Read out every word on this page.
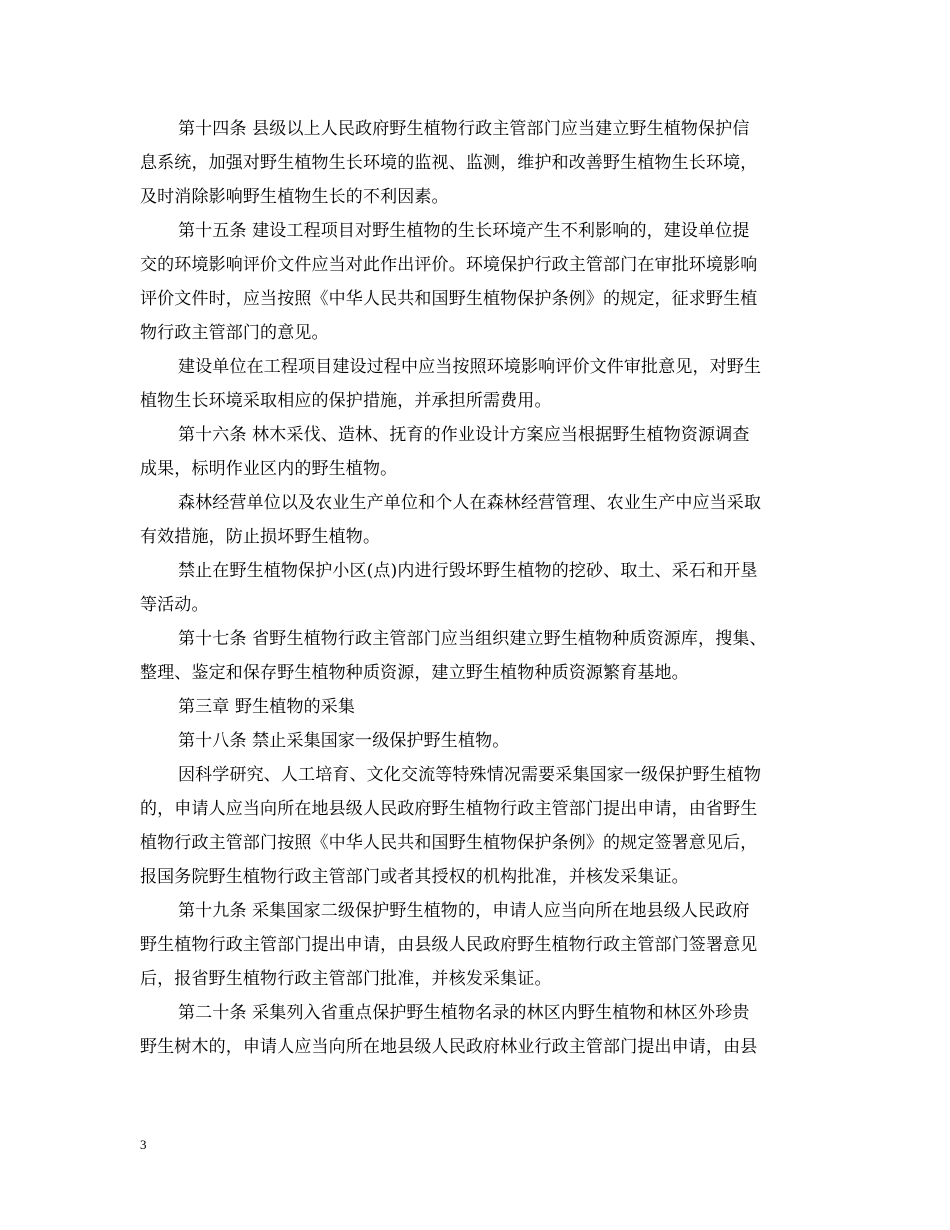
第十四条 县级以上人民政府野生植物行政主管部门应当建立野生植物保护信
息系统，加强对野生植物生长环境的监视、监测，维护和改善野生植物生长环境，
及时消除影响野生植物生长的不利因素。
第十五条 建设工程项目对野生植物的生长环境产生不利影响的，建设单位提
交的环境影响评价文件应当对此作出评价。环境保护行政主管部门在审批环境影响
评价文件时，应当按照《中华人民共和国野生植物保护条例》的规定，征求野生植
物行政主管部门的意见。
建设单位在工程项目建设过程中应当按照环境影响评价文件审批意见，对野生
植物生长环境采取相应的保护措施，并承担所需费用。
第十六条 林木采伐、造林、抚育的作业设计方案应当根据野生植物资源调查
成果，标明作业区内的野生植物。
森林经营单位以及农业生产单位和个人在森林经营管理、农业生产中应当采取
有效措施，防止损坏野生植物。
禁止在野生植物保护小区(点)内进行毁坏野生植物的挖砂、取土、采石和开垦
等活动。
第十七条 省野生植物行政主管部门应当组织建立野生植物种质资源库，搜集、
整理、鉴定和保存野生植物种质资源，建立野生植物种质资源繁育基地。
第三章 野生植物的采集
第十八条 禁止采集国家一级保护野生植物。
因科学研究、人工培育、文化交流等特殊情况需要采集国家一级保护野生植物
的，申请人应当向所在地县级人民政府野生植物行政主管部门提出申请，由省野生
植物行政主管部门按照《中华人民共和国野生植物保护条例》的规定签署意见后，
报国务院野生植物行政主管部门或者其授权的机构批准，并核发采集证。
第十九条 采集国家二级保护野生植物的，申请人应当向所在地县级人民政府
野生植物行政主管部门提出申请，由县级人民政府野生植物行政主管部门签署意见
后，报省野生植物行政主管部门批准，并核发采集证。
第二十条 采集列入省重点保护野生植物名录的林区内野生植物和林区外珍贵
野生树木的，申请人应当向所在地县级人民政府林业行政主管部门提出申请，由县
3
